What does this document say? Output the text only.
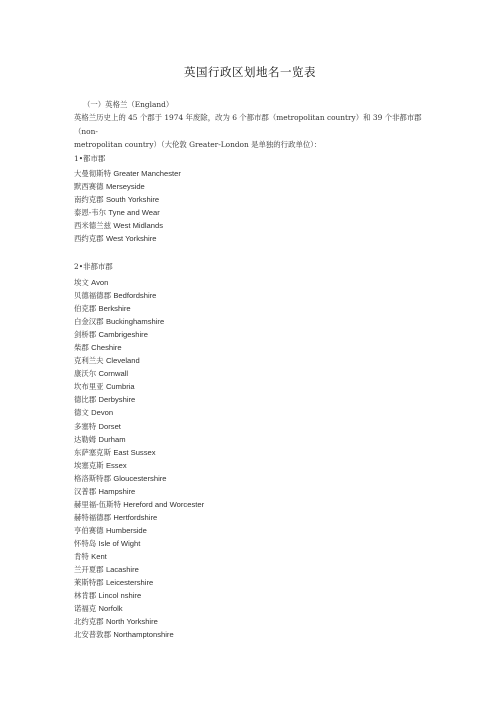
英国行政区划地名一览表
（一）英格兰（England）
英格兰历史上的 45 个郡于 1974 年废除，改为 6 个都市郡（metropolitan country）和 39 个非都市郡（non-
metropolitan country）（大伦敦 Greater-London 是单独的行政单位）：
1•都市郡
大曼彻斯特 Greater Manchester
默西赛德 Merseyside
南约克郡 South Yorkshire
泰恩-韦尔 Tyne and Wear
西米德兰兹 West Midlands
西约克郡 West Yorkshire
2•非都市郡
埃文 Avon
贝德福德郡 Bedfordshire
伯克郡 Berkshire
白金汉郡 Buckinghamshire
剑桥郡 Cambrigeshire
柴郡 Cheshire
克利兰夫 Cleveland
康沃尔 Cornwall
坎布里亚 Cumbria
德比郡 Derbyshire
德文 Devon
多塞特 Dorset
达勒姆 Durham
东萨塞克斯 East Sussex
埃塞克斯 Essex
格洛斯特郡 Gloucestershire
汉普郡 Hampshire
赫里福-伍斯特 Hereford and Worcester
赫特福德郡 Hertfordshire
亨伯赛德 Humberside
怀特岛 Isle of Wight
肯特 Kent
兰开夏郡 Lacashire
莱斯特郡 Leicestershire
林肯郡 Lincol nshire
诺福克 Norfolk
北约克郡 North Yorkshire
北安普敦郡 Northamptonshire
